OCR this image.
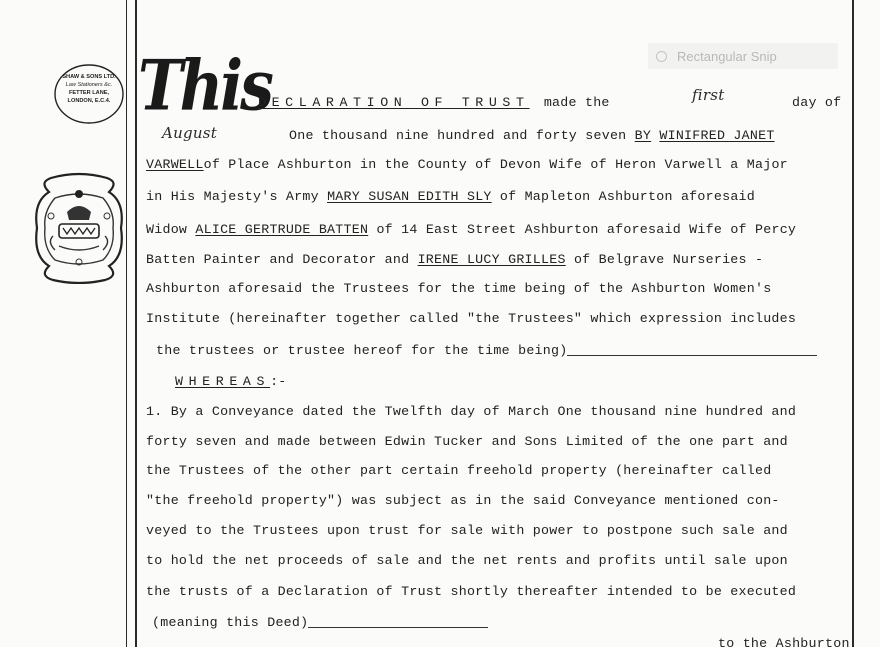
Rectangular Snip
SHAW & SONS LTD.
Law Stationers &c.
FETTER LANE,
LONDON, E.C.4. This
DECLARATION OF TRUST made the	first	day of
August	One thousand nine hundred and forty seven BY WINIFRED JANET
VARWELLof Place Ashburton in the County of Devon Wife of Heron Varwell a Major
in His Majesty's Army MARY SUSAN EDITH SLY of Mapleton Ashburton aforesaid
Widow ALICE GERTRUDE BATTEN of 14 East Street Ashburton aforesaid Wife of Percy
Batten Painter and Decorator and IRENE LUCY GRILLES of Belgrave Nurseries -
Ashburton aforesaid the Trustees for the time being of the Ashburton Women's
Institute (hereinafter together called "the Trustees" which expression includes
the trustees or trustee hereof for the time being)
WHEREAS:-
1. By a Conveyance dated the Twelfth day of March One thousand nine hundred and
forty seven and made between Edwin Tucker and Sons Limited of the one part and
the Trustees of the other part certain freehold property (hereinafter called
"the freehold property") was subject as in the said Conveyance mentioned con-
veyed to the Trustees upon trust for sale with power to postpone such sale and
to hold the net proceeds of sale and the net rents and profits until sale upon
the trusts of a Declaration of Trust shortly thereafter intended to be executed
(meaning this Deed)
to the Ashburton
